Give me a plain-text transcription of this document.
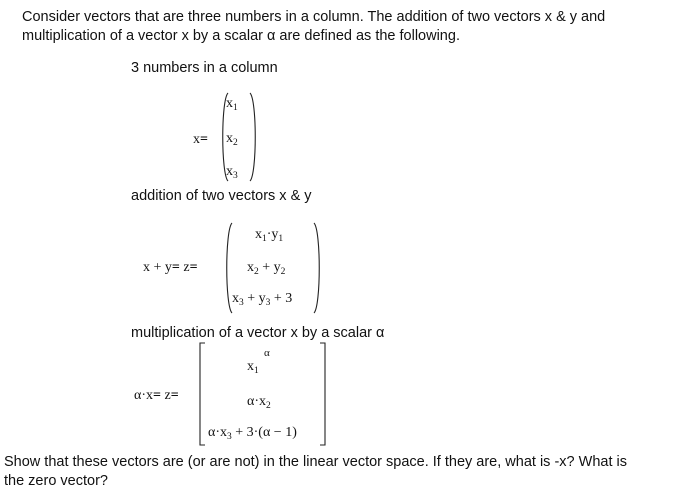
Consider vectors that are three numbers in a column. The addition of two vectors x & y and
multiplication of a vector x by a scalar α are defined as the following.
3 numbers in a column
x=
$x_1$
$x_2$
$x_3$
addition of two vectors x & y
x + y= z=
$x_1\cdot y_1$
$x_2 + y_2$
$x_3 + y_3 + 3$
multiplication of a vector x by a scalar α
α·x= z=
$x_1$
α
$\alpha\cdot x_2$
$\alpha\cdot x_3 + 3\cdot(\alpha - 1)$
Show that these vectors are (or are not) in the linear vector space. If they are, what is -x? What is
the zero vector?
